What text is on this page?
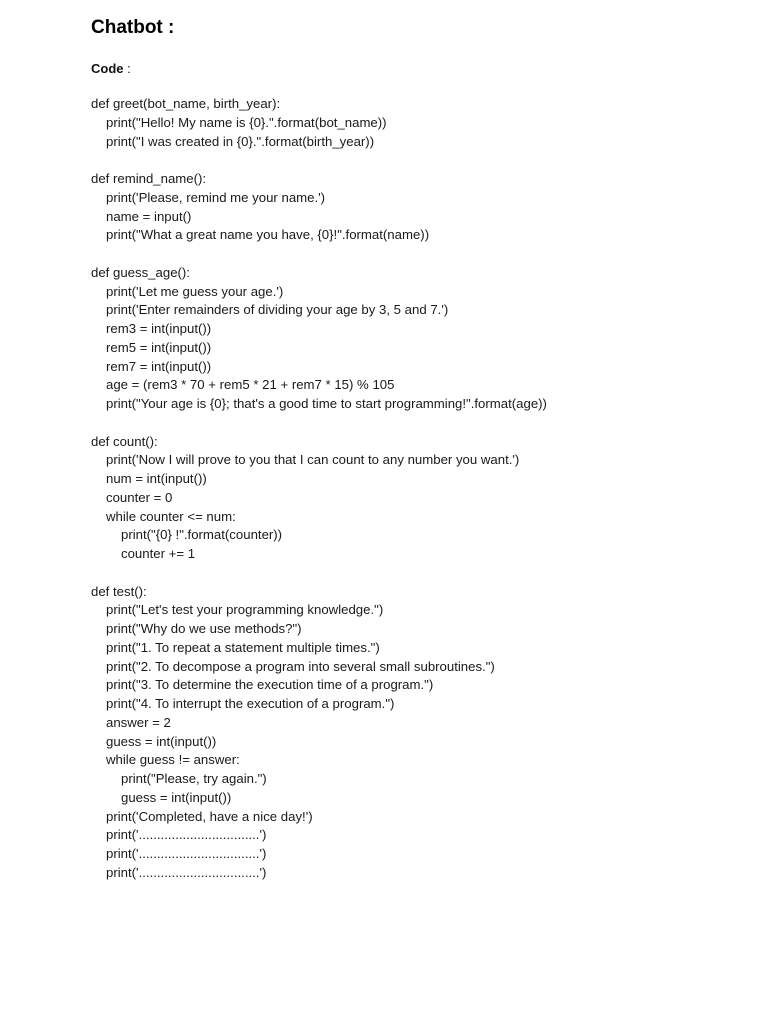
Chatbot :
Code :
def greet(bot_name, birth_year):
print("Hello! My name is {0}.".format(bot_name))
print("I was created in {0}.".format(birth_year))
def remind_name():
print('Please, remind me your name.')
name = input()
print("What a great name you have, {0}!".format(name))
def guess_age():
print('Let me guess your age.')
print('Enter remainders of dividing your age by 3, 5 and 7.')
rem3 = int(input())
rem5 = int(input())
rem7 = int(input())
age = (rem3 * 70 + rem5 * 21 + rem7 * 15) % 105
print("Your age is {0}; that's a good time to start programming!".format(age))
def count():
print('Now I will prove to you that I can count to any number you want.')
num = int(input())
counter = 0
while counter <= num:
print("{0} !".format(counter))
counter += 1
def test():
print("Let's test your programming knowledge.")
print("Why do we use methods?")
print("1. To repeat a statement multiple times.")
print("2. To decompose a program into several small subroutines.")
print("3. To determine the execution time of a program.")
print("4. To interrupt the execution of a program.")
answer = 2
guess = int(input())
while guess != answer:
print("Please, try again.")
guess = int(input())
print('Completed, have a nice day!')
print('.................................')
print('.................................')
print('.................................')
